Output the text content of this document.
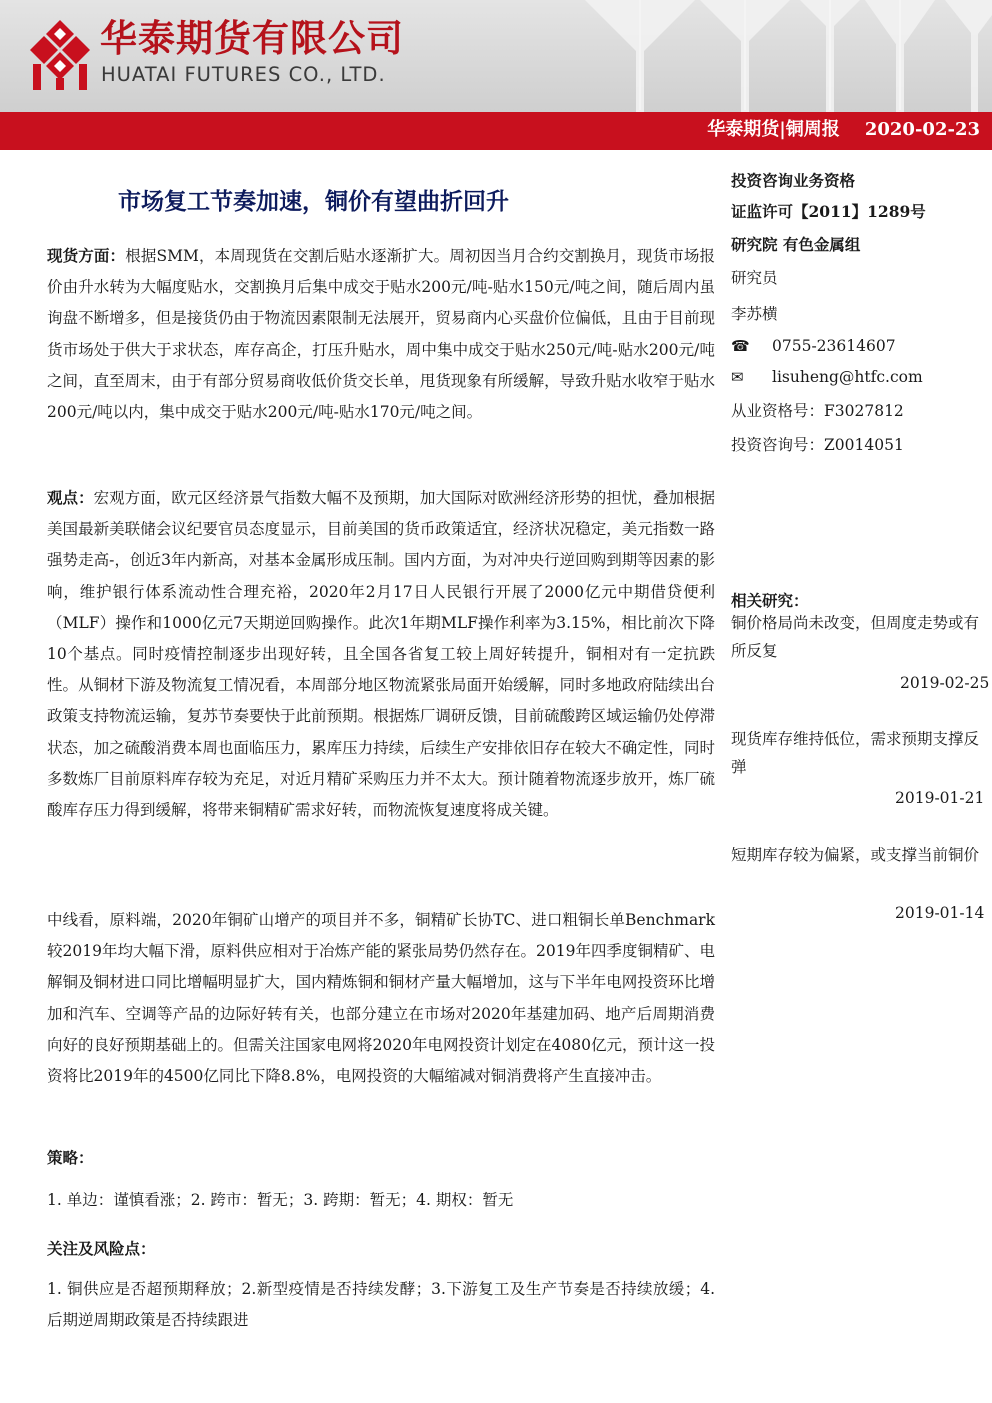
华泰期货有限公司
HUATAI FUTURES CO., LTD.
华泰期货|铜周报 2020-02-23
市场复工节奏加速，铜价有望曲折回升

现货方面：根据SMM，本周现货在交割后贴水逐渐扩大。周初因当月合约交割换月，现货市场报价由升水转为大幅度贴水，交割换月后集中成交于贴水200元/吨-贴水150元/吨之间，随后周内虽询盘不断增多，但是接货仍由于物流因素限制无法展开，贸易商内心买盘价位偏低，且由于目前现货市场处于供大于求状态，库存高企，打压升贴水，周中集中成交于贴水250元/吨-贴水200元/吨之间，直至周末，由于有部分贸易商收低价货交长单，甩货现象有所缓解，导致升贴水收窄于贴水200元/吨以内，集中成交于贴水200元/吨-贴水170元/吨之间。

观点：宏观方面，欧元区经济景气指数大幅不及预期，加大国际对欧洲经济形势的担忧，叠加根据美国最新美联储会议纪要官员态度显示，目前美国的货币政策适宜，经济状况稳定，美元指数一路强势走高-，创近3年内新高，对基本金属形成压制。国内方面，为对冲央行逆回购到期等因素的影响，维护银行体系流动性合理充裕，2020年2月17日人民银行开展了2000亿元中期借贷便利（MLF）操作和1000亿元7天期逆回购操作。此次1年期MLF操作利率为3.15%，相比前次下降10个基点。同时疫情控制逐步出现好转，且全国各省复工较上周好转提升，铜相对有一定抗跌性。从铜材下游及物流复工情况看，本周部分地区物流紧张局面开始缓解，同时多地政府陆续出台政策支持物流运输，复苏节奏要快于此前预期。根据炼厂调研反馈，目前硫酸跨区域运输仍处停滞状态，加之硫酸消费本周也面临压力，累库压力持续，后续生产安排依旧存在较大不确定性，同时多数炼厂目前原料库存较为充足，对近月精矿采购压力并不太大。预计随着物流逐步放开，炼厂硫酸库存压力得到缓解，将带来铜精矿需求好转，而物流恢复速度将成关键。

中线看，原料端，2020年铜矿山增产的项目并不多，铜精矿长协TC、进口粗铜长单Benchmark较2019年均大幅下滑，原料供应相对于冶炼产能的紧张局势仍然存在。2019年四季度铜精矿、电解铜及铜材进口同比增幅明显扩大，国内精炼铜和铜材产量大幅增加，这与下半年电网投资环比增加和汽车、空调等产品的边际好转有关，也部分建立在市场对2020年基建加码、地产后周期消费向好的良好预期基础上的。但需关注国家电网将2020年电网投资计划定在4080亿元，预计这一投资将比2019年的4500亿同比下降8.8%，电网投资的大幅缩减对铜消费将产生直接冲击。

策略：

1. 单边：谨慎看涨；2. 跨市：暂无；3. 跨期：暂无；4. 期权：暂无

关注及风险点：

1. 铜供应是否超预期释放；2.新型疫情是否持续发酵；3.下游复工及生产节奏是否持续放缓；4. 后期逆周期政策是否持续跟进

投资咨询业务资格
证监许可【2011】1289号
研究院 有色金属组
研究员
李苏横
☎ 0755-23614607
✉	lisuheng@htfc.com
从业资格号：F3027812
投资咨询号：Z0014051
相关研究：
铜价格局尚未改变，但周度走势或有所反复
2019-02-25
现货库存维持低位，需求预期支撑反弹
2019-01-21
短期库存较为偏紧，或支撑当前铜价
2019-01-14
